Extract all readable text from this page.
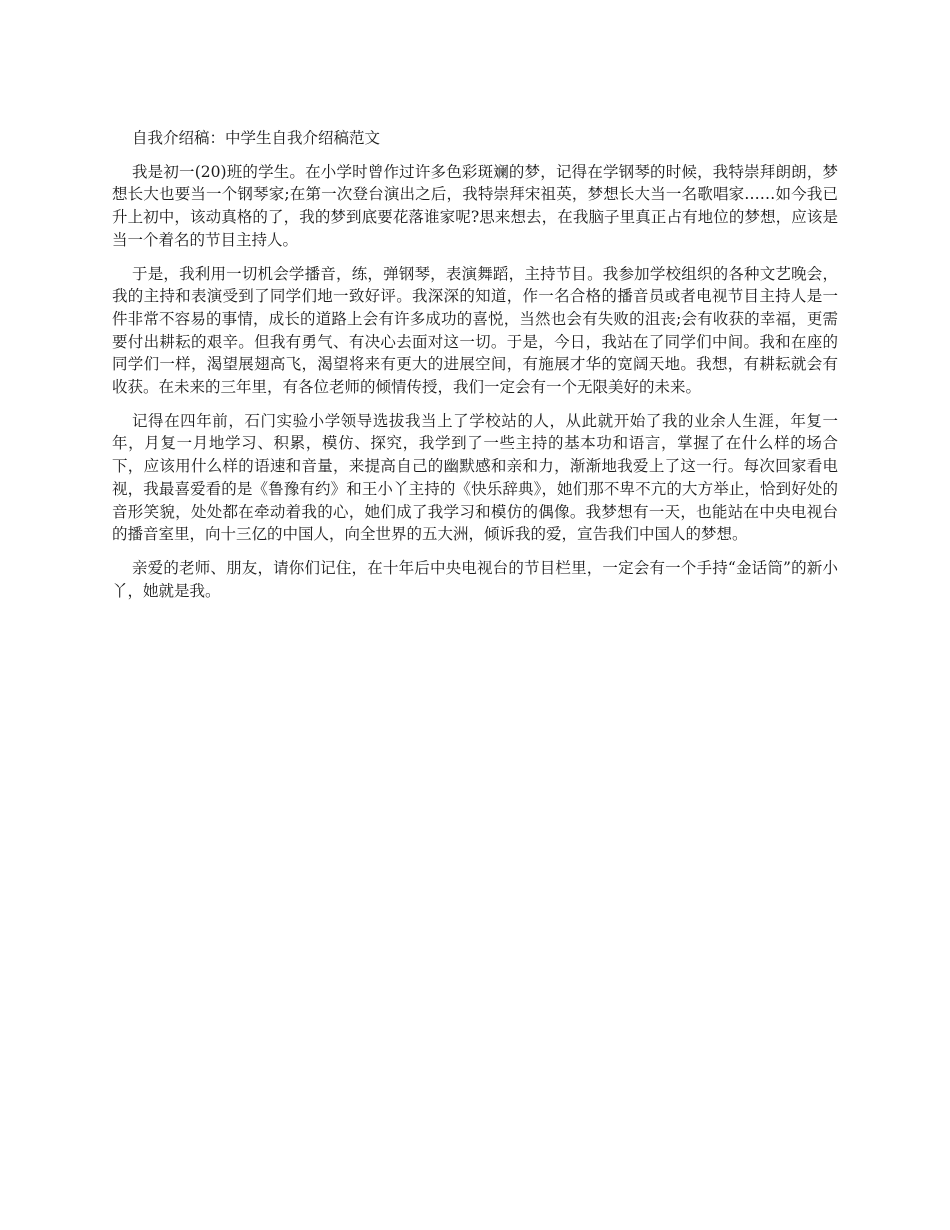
自我介绍稿：中学生自我介绍稿范文

我是初一(20)班的学生。在小学时曾作过许多色彩斑斓的梦，记得在学钢琴的时候，我特崇拜朗朗，梦想长大也要当一个钢琴家;在第一次登台演出之后，我特崇拜宋祖英，梦想长大当一名歌唱家……如今我已升上初中，该动真格的了，我的梦到底要花落谁家呢?思来想去，在我脑子里真正占有地位的梦想，应该是当一个着名的节目主持人。

于是，我利用一切机会学播音，练，弹钢琴，表演舞蹈，主持节目。我参加学校组织的各种文艺晚会，我的主持和表演受到了同学们地一致好评。我深深的知道，作一名合格的播音员或者电视节目主持人是一件非常不容易的事情，成长的道路上会有许多成功的喜悦，当然也会有失败的沮丧;会有收获的幸福，更需要付出耕耘的艰辛。但我有勇气、有决心去面对这一切。于是，今日，我站在了同学们中间。我和在座的同学们一样，渴望展翅高飞，渴望将来有更大的进展空间，有施展才华的宽阔天地。我想，有耕耘就会有收获。在未来的三年里，有各位老师的倾情传授，我们一定会有一个无限美好的未来。

记得在四年前，石门实验小学领导选拔我当上了学校站的人，从此就开始了我的业余人生涯，年复一年，月复一月地学习、积累，模仿、探究，我学到了一些主持的基本功和语言，掌握了在什么样的场合下，应该用什么样的语速和音量，来提高自己的幽默感和亲和力，渐渐地我爱上了这一行。每次回家看电视，我最喜爱看的是《鲁豫有约》和王小丫主持的《快乐辞典》，她们那不卑不亢的大方举止，恰到好处的音形笑貌，处处都在牵动着我的心，她们成了我学习和模仿的偶像。我梦想有一天，也能站在中央电视台的播音室里，向十三亿的中国人，向全世界的五大洲，倾诉我的爱，宣告我们中国人的梦想。

亲爱的老师、朋友，请你们记住，在十年后中央电视台的节目栏里，一定会有一个手持“金话筒”的新小丫，她就是我。
